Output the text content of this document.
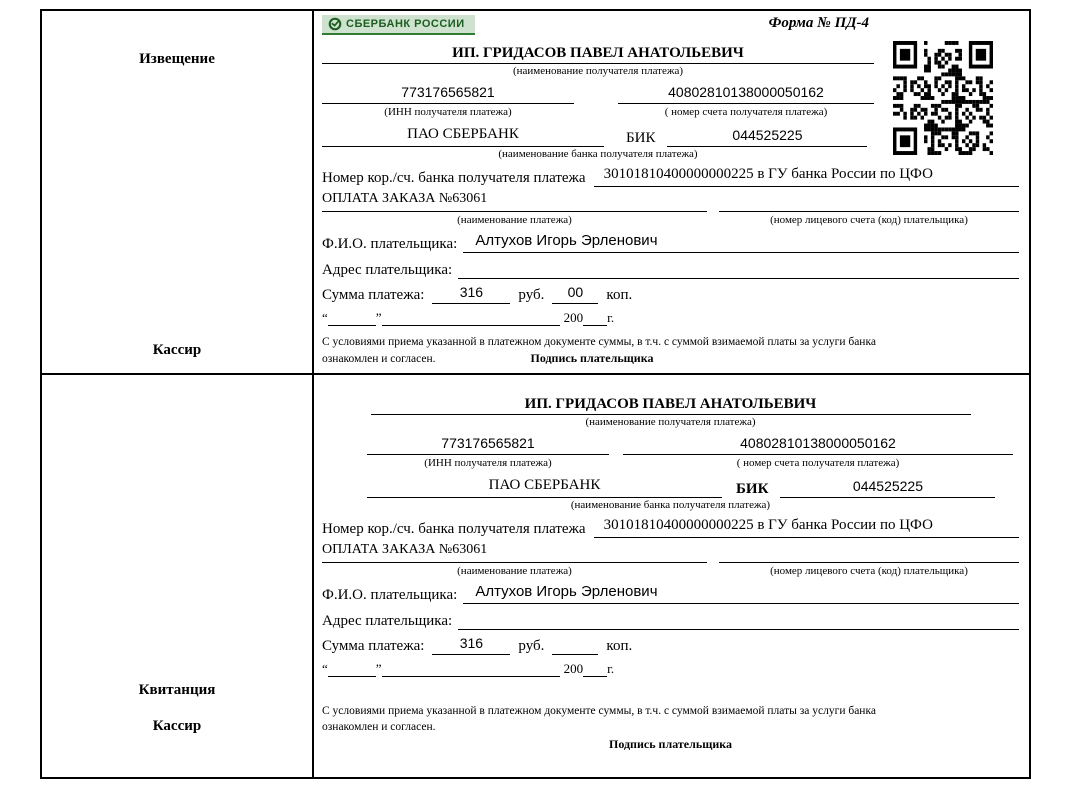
Извещение
Кассир
СБЕРБАНК РОССИИ	Форма № ПД-4
ИП. ГРИДАСОВ ПАВЕЛ АНАТОЛЬЕВИЧ
(наименование получателя платежа)
773176565821	40802810138000050162
(ИНН получателя платежа)	( номер счета получателя платежа)
ПАО СБЕРБАНК	БИК	044525225
(наименование банка получателя платежа)
Номер кор./сч. банка получателя платежа	30101810400000000225 в ГУ банка России по ЦФО
ОПЛАТА ЗАКАЗА №63061
(наименование платежа)	(номер лицевого счета (код) плательщика)
Ф.И.О. плательщика:	Алтухов Игорь Эрленович
Адрес плательщика:
Сумма платежа:	316	руб.	00	коп.
“	”	200 г.
С условиями приема указанной в платежном документе суммы, в т.ч. с суммой взимаемой платы за услуги банка
ознакомлен и согласен.	Подпись плательщика
Квитанция
Кассир
ИП. ГРИДАСОВ ПАВЕЛ АНАТОЛЬЕВИЧ
(наименование получателя платежа)
773176565821	40802810138000050162
(ИНН получателя платежа)	( номер счета получателя платежа)
ПАО СБЕРБАНК	БИК	044525225
(наименование банка получателя платежа)
Номер кор./сч. банка получателя платежа	30101810400000000225 в ГУ банка России по ЦФО
ОПЛАТА ЗАКАЗА №63061
(наименование платежа)	(номер лицевого счета (код) плательщика)
Ф.И.О. плательщика:	Алтухов Игорь Эрленович
Адрес плательщика:
Сумма платежа:	316	руб.	коп.
“	”	200 г.
С условиями приема указанной в платежном документе суммы, в т.ч. с суммой взимаемой платы за услуги банка
ознакомлен и согласен.
Подпись плательщика
